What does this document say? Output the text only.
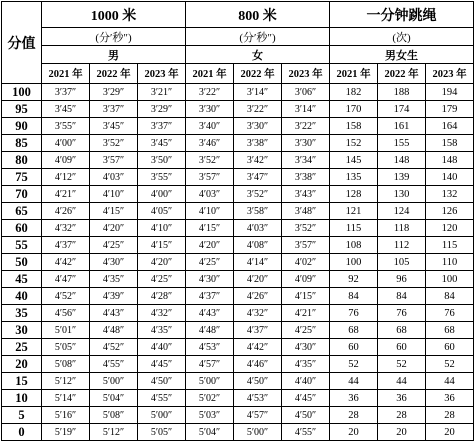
分值	1000 米			800 米			一分钟跳绳		
	(分′秒″)			(分′秒″)			(次)		
	男			女			男女生		
	2021 年	2022 年	2023 年	2021 年	2022 年	2023 年	2021 年	2022 年	2023 年
100	3′37″	3′29″	3′21″	3′22″	3′14″	3′06″	182	188	194
95	3′45″	3′37″	3′29″	3′30″	3′22″	3′14″	170	174	179
90	3′55″	3′45″	3′37″	3′40″	3′30″	3′22″	158	161	164
85	4′00″	3′52″	3′45″	3′46″	3′38″	3′30″	152	155	158
80	4′09″	3′57″	3′50″	3′52″	3′42″	3′34″	145	148	148
75	4′12″	4′03″	3′55″	3′57″	3′47″	3′38″	135	139	140
70	4′21″	4′10″	4′00″	4′03″	3′52″	3′43″	128	130	132
65	4′26″	4′15″	4′05″	4′10″	3′58″	3′48″	121	124	126
60	4′32″	4′20″	4′10″	4′15″	4′03″	3′52″	115	118	120
55	4′37″	4′25″	4′15″	4′20″	4′08″	3′57″	108	112	115
50	4′42″	4′30″	4′20″	4′25″	4′14″	4′02″	100	105	110
45	4′47″	4′35″	4′25″	4′30″	4′20″	4′09″	92	96	100
40	4′52″	4′39″	4′28″	4′37″	4′26″	4′15″	84	84	84
35	4′56″	4′43″	4′32″	4′43″	4′32″	4′21″	76	76	76
30	5′01″	4′48″	4′35″	4′48″	4′37″	4′25″	68	68	68
25	5′05″	4′52″	4′40″	4′53″	4′42″	4′30″	60	60	60
20	5′08″	4′55″	4′45″	4′57″	4′46″	4′35″	52	52	52
15	5′12″	5′00″	4′50″	5′00″	4′50″	4′40″	44	44	44
10	5′14″	5′04″	4′55″	5′02″	4′53″	4′45″	36	36	36
5	5′16″	5′08″	5′00″	5′03″	4′57″	4′50″	28	28	28
0	5′19″	5′12″	5′05″	5′04″	5′00″	4′55″	20	20	20
